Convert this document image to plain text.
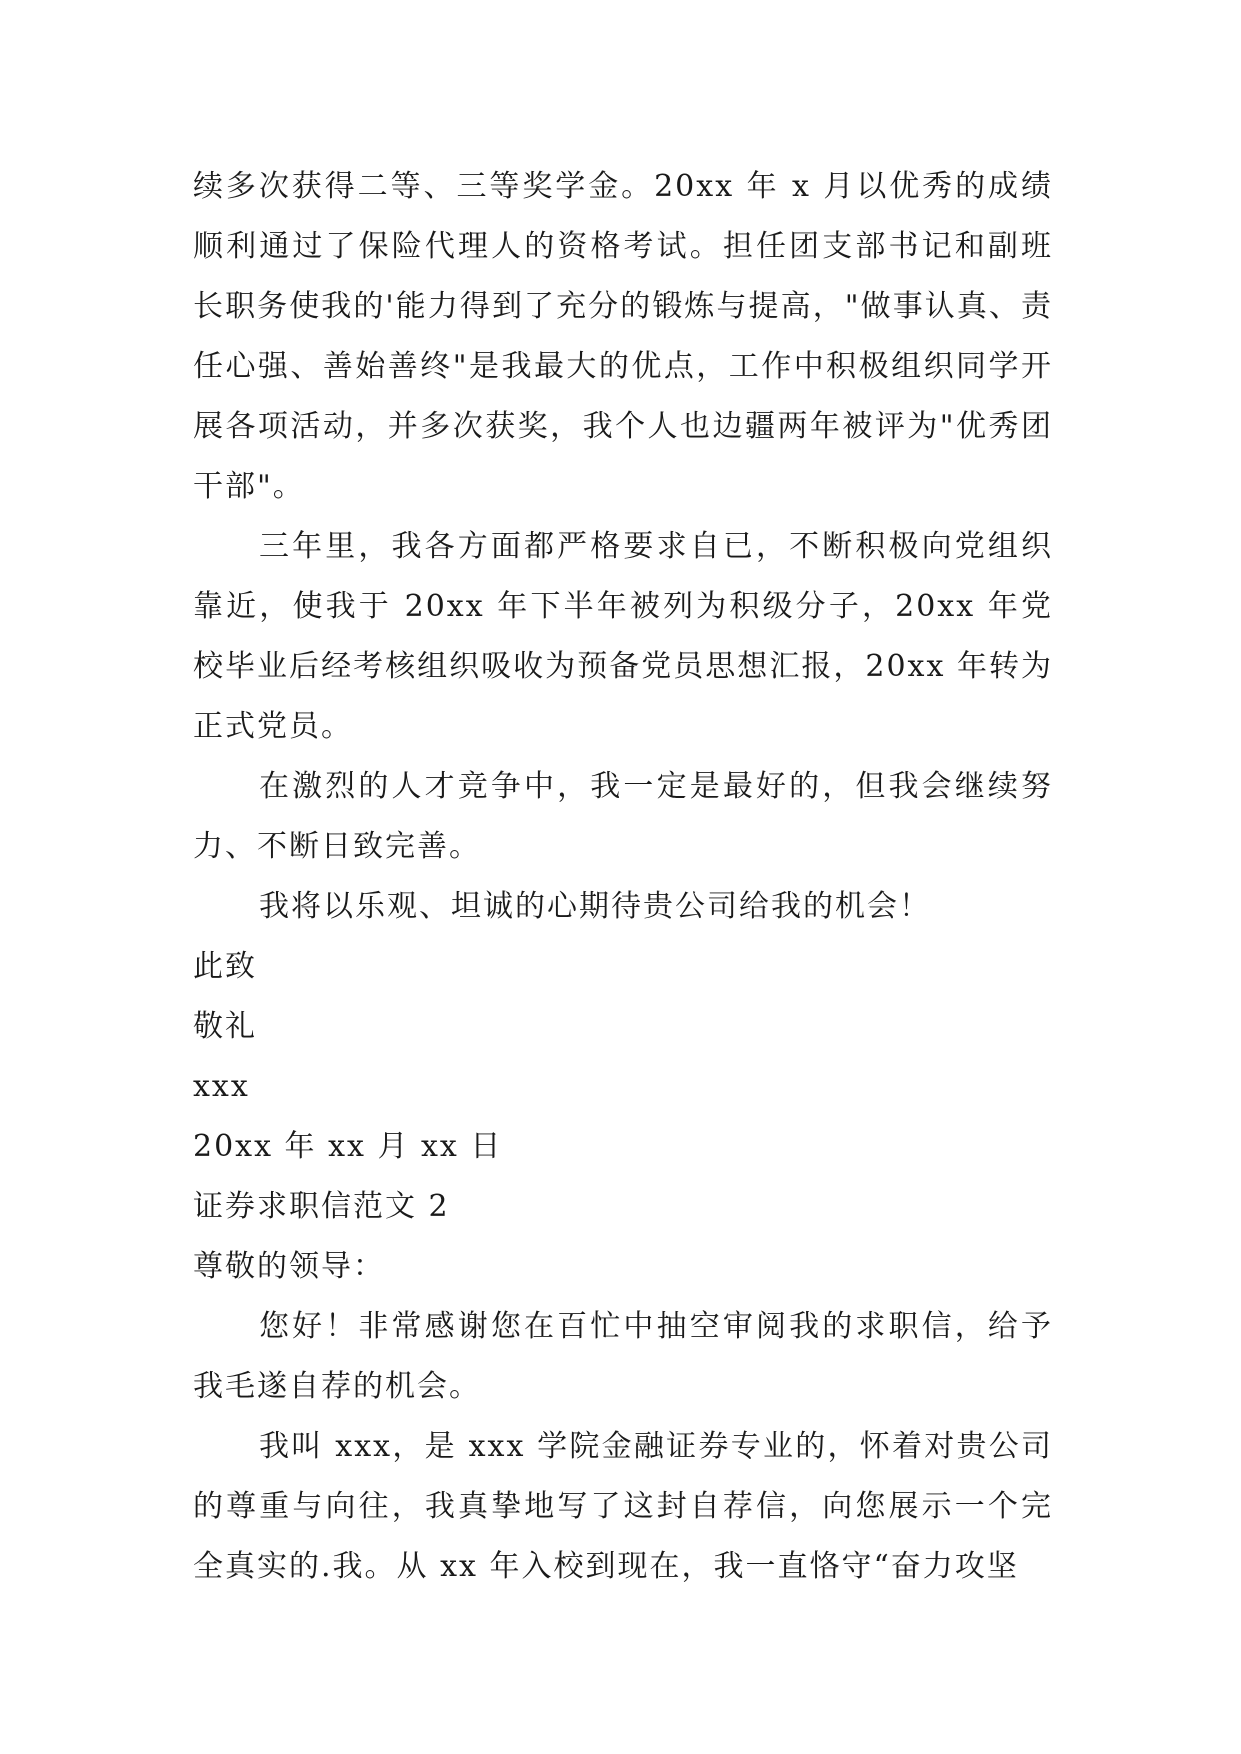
续多次获得二等、三等奖学金。20xx 年 x 月以优秀的成绩顺利通过了保险代理人的资格考试。担任团支部书记和副班长职务使我的'能力得到了充分的锻炼与提高，"做事认真、责任心强、善始善终"是我最大的优点，工作中积极组织同学开展各项活动，并多次获奖，我个人也边疆两年被评为"优秀团干部"。

三年里，我各方面都严格要求自已，不断积极向党组织靠近，使我于 20xx 年下半年被列为积级分子，20xx 年党校毕业后经考核组织吸收为预备党员思想汇报，20xx 年转为正式党员。

在激烈的人才竞争中，我一定是最好的，但我会继续努力、不断日致完善。

我将以乐观、坦诚的心期待贵公司给我的机会！

此致

敬礼

xxx

20xx 年 xx 月 xx 日

证券求职信范文 2

尊敬的领导：

您好！非常感谢您在百忙中抽空审阅我的求职信，给予我毛遂自荐的机会。

我叫 xxx，是 xxx 学院金融证券专业的，怀着对贵公司的尊重与向往，我真挚地写了这封自荐信，向您展示一个完全真实的.我。从 xx 年入校到现在，我一直恪守“奋力攻坚
